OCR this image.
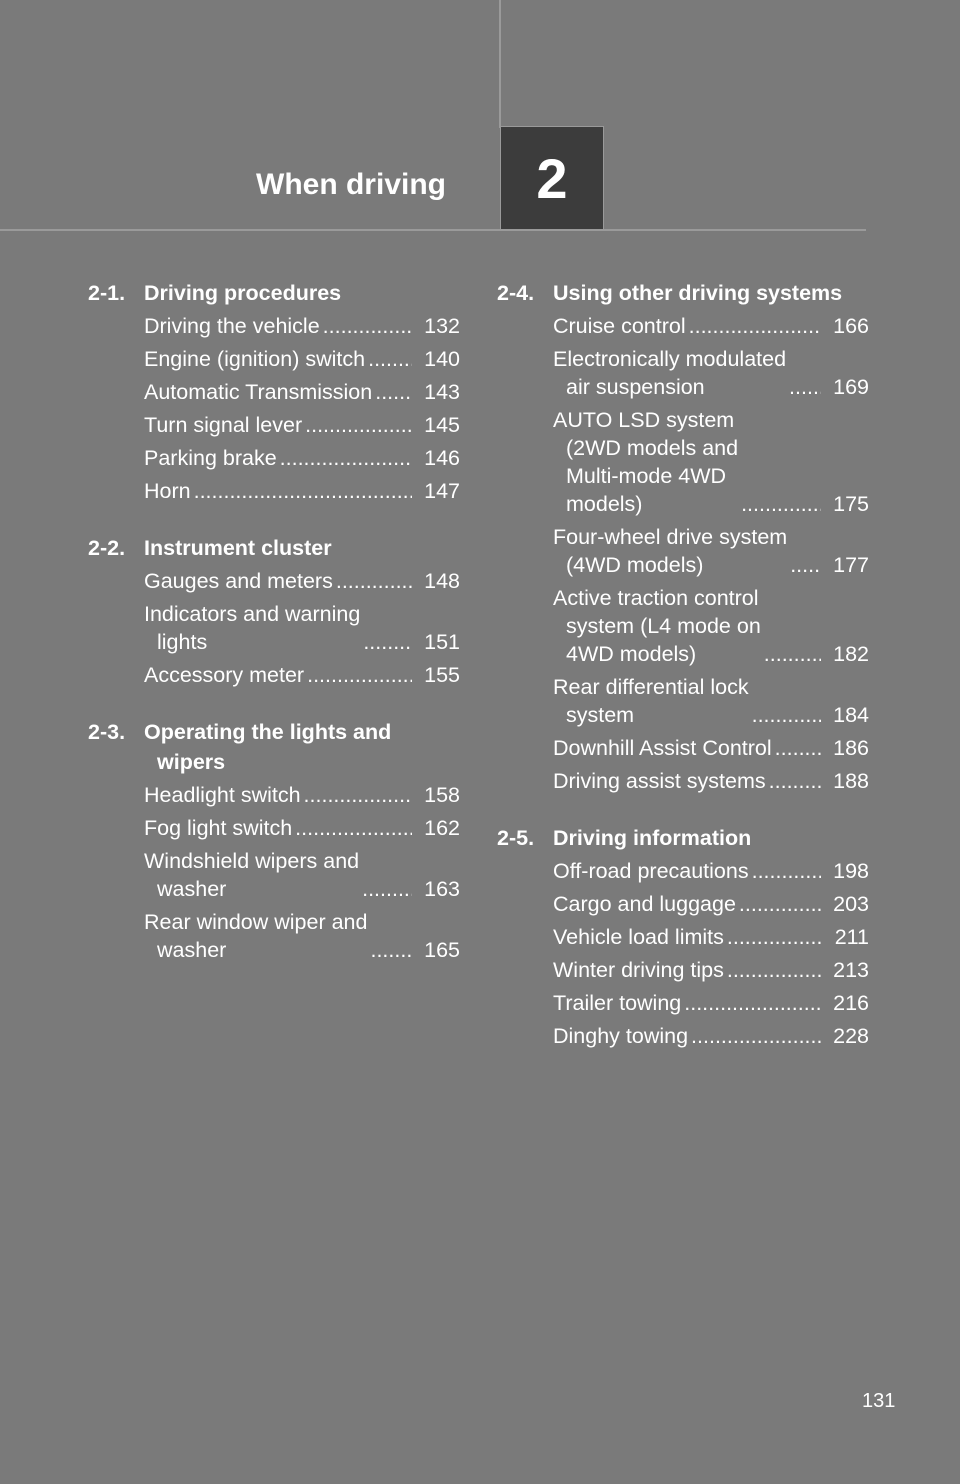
When driving 2
2-1. Driving procedures
Driving the vehicle .....	132
Engine (ignition) switch .....	140
Automatic Transmission .....	143
Turn signal lever .....	145
Parking brake .....	146
Horn .....	147
2-2. Instrument cluster
Gauges and meters .....	148
Indicators and warning
lights .....	151
Accessory meter .....	155
2-3. Operating the lights and wipers
Headlight switch .....	158
Fog light switch .....	162
Windshield wipers and
washer .....	163
Rear window wiper and
washer .....	165
2-4. Using other driving systems
Cruise control .....	166
Electronically modulated
air suspension .....	169
AUTO LSD system
(2WD models and
Multi-mode 4WD
models) .....	175
Four-wheel drive system
(4WD models) .....	177
Active traction control
system (L4 mode on
4WD models) .....	182
Rear differential lock
system .....	184
Downhill Assist Control .....	186
Driving assist systems .....	188
2-5. Driving information
Off-road precautions .....	198
Cargo and luggage .....	203
Vehicle load limits .....	211
Winter driving tips .....	213
Trailer towing .....	216
Dinghy towing .....	228
131
